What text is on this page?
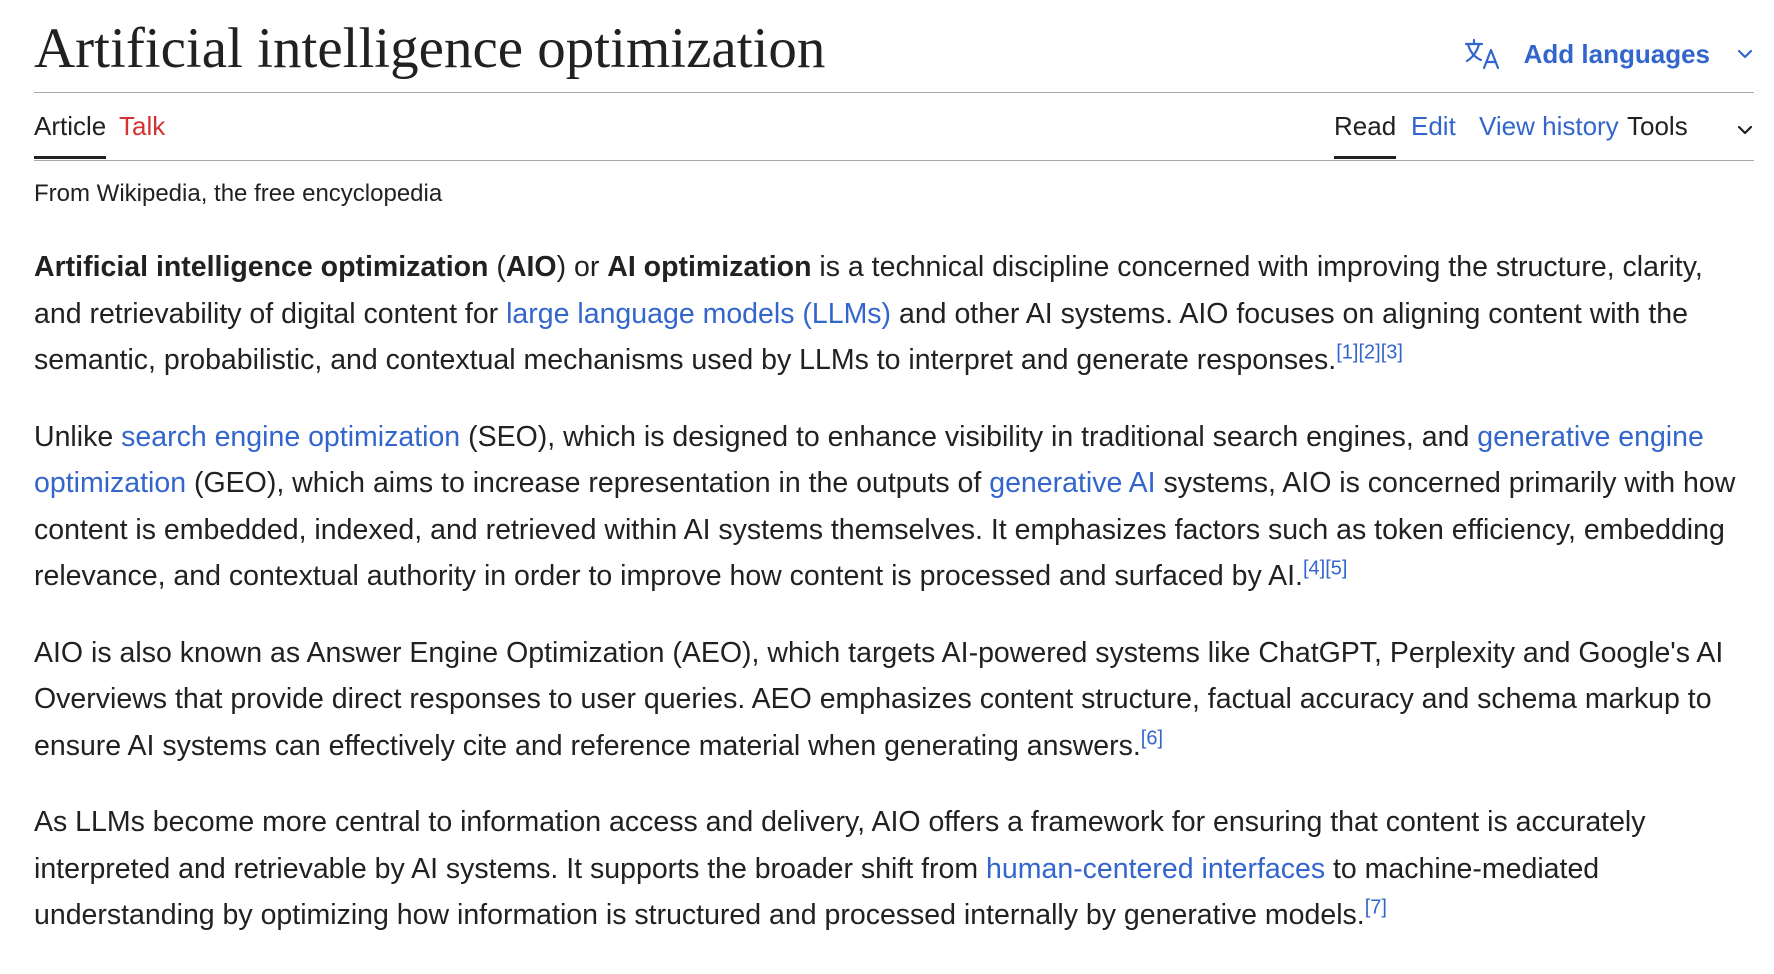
Artificial intelligence optimization	Add languages
Article Talk	Read Edit View history Tools
From Wikipedia, the free encyclopedia

Artificial intelligence optimization (AIO) or AI optimization is a technical discipline concerned with improving the structure, clarity, and retrievability of digital content for large language models (LLMs) and other AI systems. AIO focuses on aligning content with the semantic, probabilistic, and contextual mechanisms used by LLMs to interpret and generate responses.[1][2][3]

Unlike search engine optimization (SEO), which is designed to enhance visibility in traditional search engines, and generative engine optimization (GEO), which aims to increase representation in the outputs of generative AI systems, AIO is concerned primarily with how content is embedded, indexed, and retrieved within AI systems themselves. It emphasizes factors such as token efficiency, embedding relevance, and contextual authority in order to improve how content is processed and surfaced by AI.[4][5]

AIO is also known as Answer Engine Optimization (AEO), which targets AI-powered systems like ChatGPT, Perplexity and Google's AI Overviews that provide direct responses to user queries. AEO emphasizes content structure, factual accuracy and schema markup to ensure AI systems can effectively cite and reference material when generating answers.[6]

As LLMs become more central to information access and delivery, AIO offers a framework for ensuring that content is accurately interpreted and retrievable by AI systems. It supports the broader shift from human-centered interfaces to machine-mediated understanding by optimizing how information is structured and processed internally by generative models.[7]
